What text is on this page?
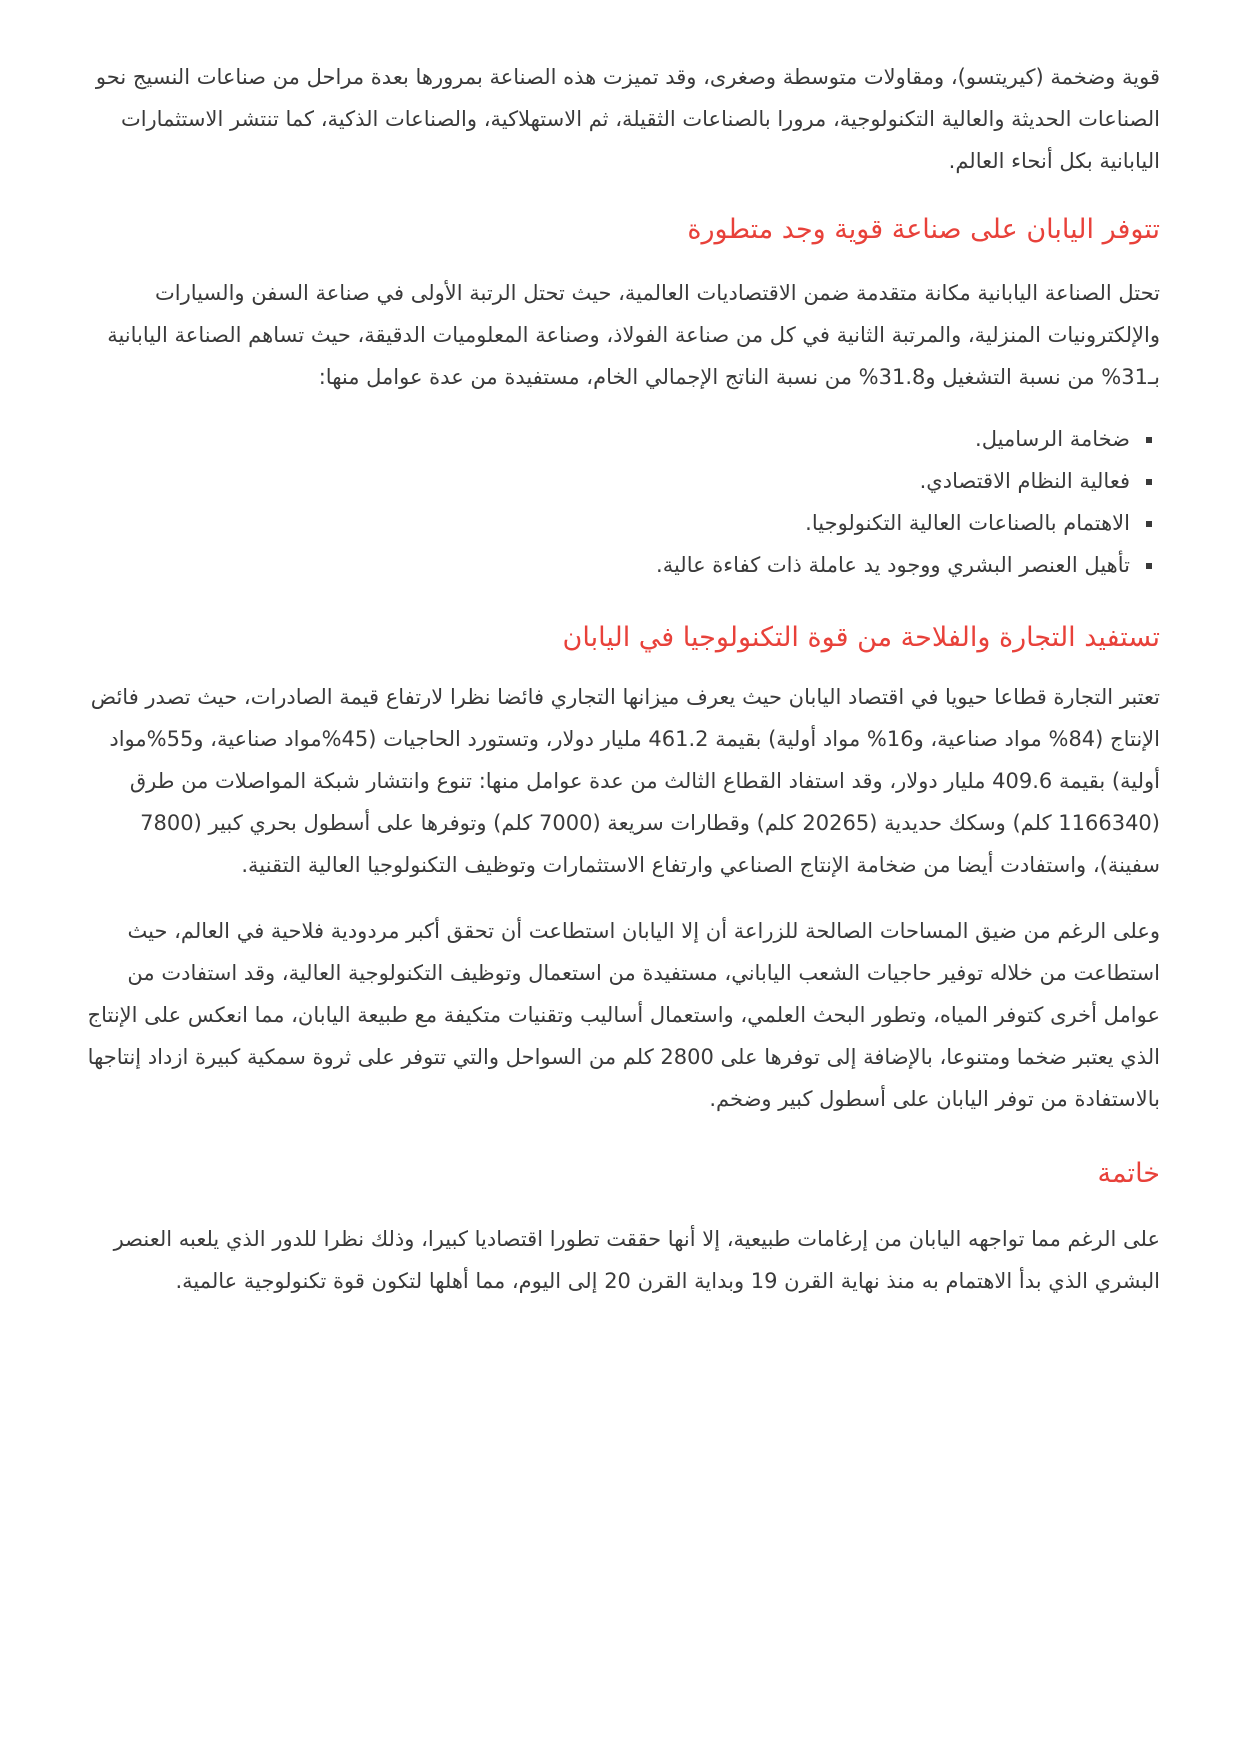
قوية وضخمة (كيريتسو)، ومقاولات متوسطة وصغرى، وقد تميزت هذه الصناعة بمرورها بعدة مراحل من صناعات النسيج نحو الصناعات الحديثة والعالية التكنولوجية، مرورا بالصناعات الثقيلة، ثم الاستهلاكية، والصناعات الذكية، كما تنتشر الاستثمارات اليابانية بكل أنحاء العالم.

تتوفر اليابان على صناعة قوية وجد متطورة

تحتل الصناعة اليابانية مكانة متقدمة ضمن الاقتصاديات العالمية، حيث تحتل الرتبة الأولى في صناعة السفن والسيارات والإلكترونيات المنزلية، والمرتبة الثانية في كل من صناعة الفولاذ، وصناعة المعلوميات الدقيقة، حيث تساهم الصناعة اليابانية بـ31% من نسبة التشغيل و31.8% من نسبة الناتج الإجمالي الخام، مستفيدة من عدة عوامل منها:

ضخامة الرساميل.
فعالية النظام الاقتصادي.
الاهتمام بالصناعات العالية التكنولوجيا.
تأهيل العنصر البشري ووجود يد عاملة ذات كفاءة عالية.
تستفيد التجارة والفلاحة من قوة التكنولوجيا في اليابان

تعتبر التجارة قطاعا حيويا في اقتصاد اليابان حيث يعرف ميزانها التجاري فائضا نظرا لارتفاع قيمة الصادرات، حيث تصدر فائض الإنتاج (84% مواد صناعية، و16% مواد أولية) بقيمة 461.2 مليار دولار، وتستورد الحاجيات (45%مواد صناعية، و55%مواد أولية) بقيمة 409.6 مليار دولار، وقد استفاد القطاع الثالث من عدة عوامل منها: تنوع وانتشار شبكة المواصلات من طرق (1166340 كلم) وسكك حديدية (20265 كلم) وقطارات سريعة (7000 كلم) وتوفرها على أسطول بحري كبير (7800 سفينة)، واستفادت أيضا من ضخامة الإنتاج الصناعي وارتفاع الاستثمارات وتوظيف التكنولوجيا العالية التقنية.

وعلى الرغم من ضيق المساحات الصالحة للزراعة أن إلا اليابان استطاعت أن تحقق أكبر مردودية فلاحية في العالم، حيث استطاعت من خلاله توفير حاجيات الشعب الياباني، مستفيدة من استعمال وتوظيف التكنولوجية العالية، وقد استفادت من عوامل أخرى كتوفر المياه، وتطور البحث العلمي، واستعمال أساليب وتقنيات متكيفة مع طبيعة اليابان، مما انعكس على الإنتاج الذي يعتبر ضخما ومتنوعا، بالإضافة إلى توفرها على 2800 كلم من السواحل والتي تتوفر على ثروة سمكية كبيرة ازداد إنتاجها بالاستفادة من توفر اليابان على أسطول كبير وضخم.

خاتمة

على الرغم مما تواجهه اليابان من إرغامات طبيعية، إلا أنها حققت تطورا اقتصاديا كبيرا، وذلك نظرا للدور الذي يلعبه العنصر البشري الذي بدأ الاهتمام به منذ نهاية القرن 19 وبداية القرن 20 إلى اليوم، مما أهلها لتكون قوة تكنولوجية عالمية.
